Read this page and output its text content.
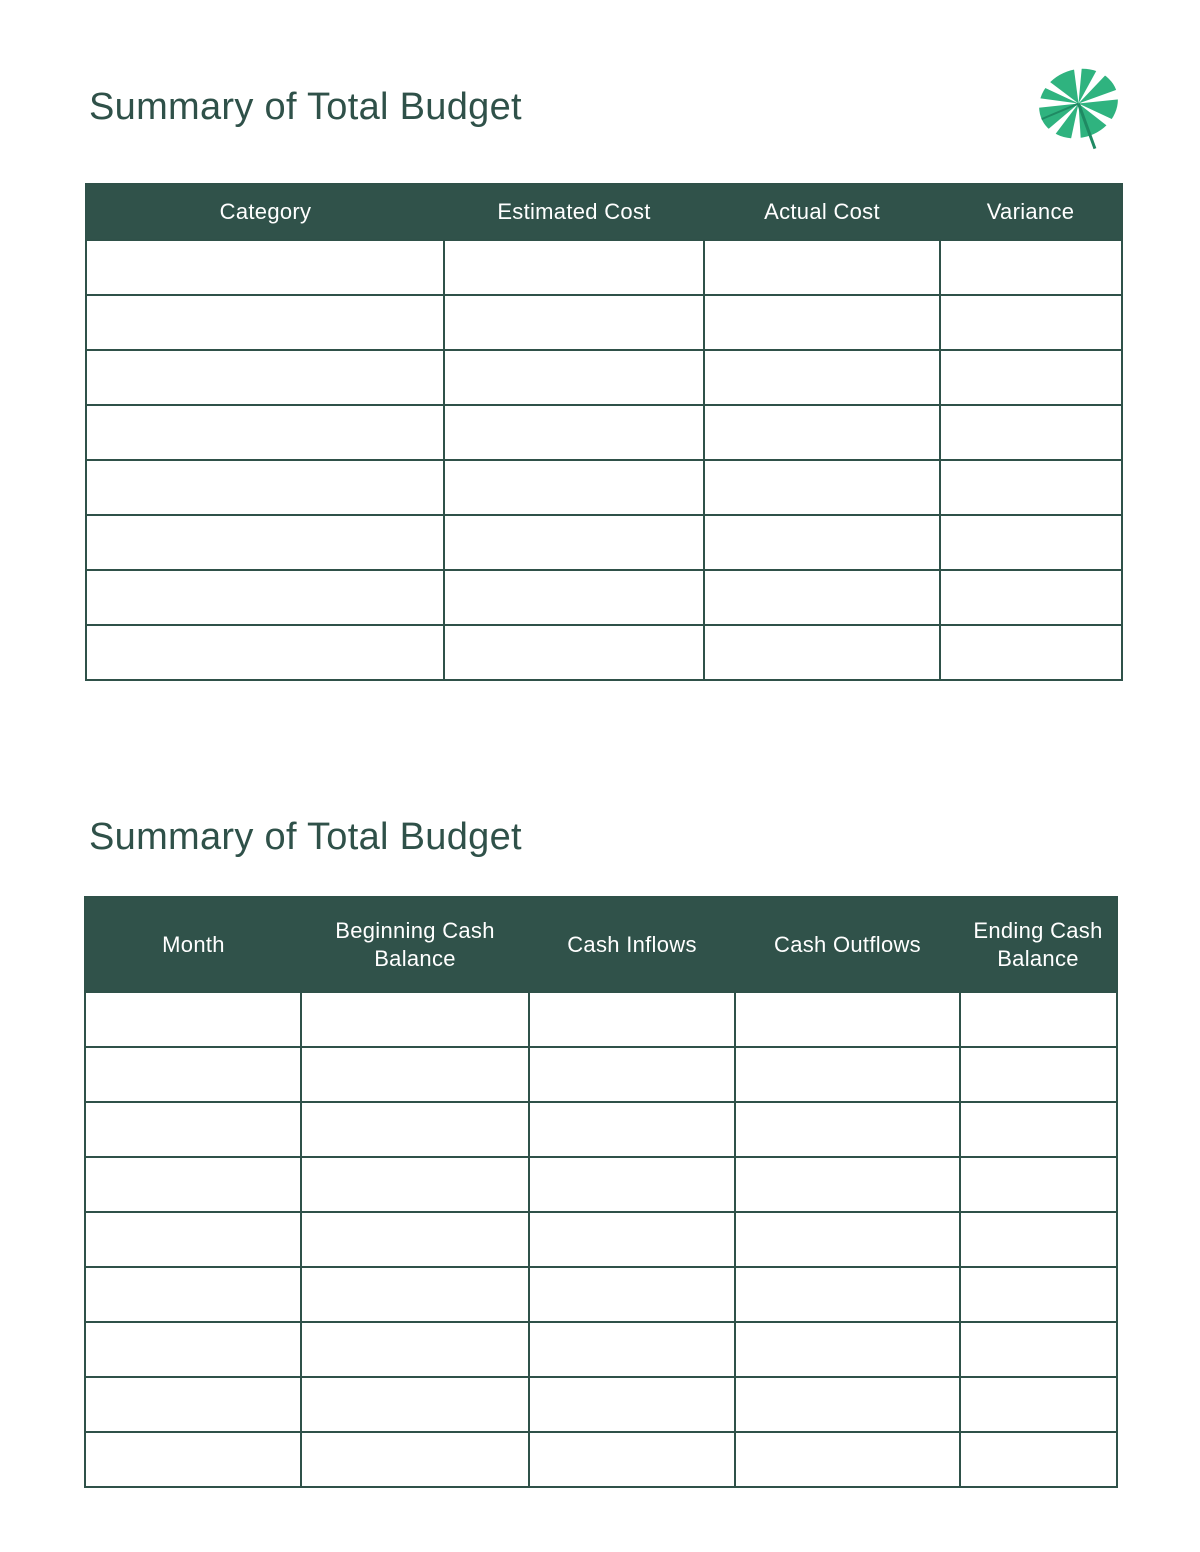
Summary of Total Budget
Category	Estimated Cost	Actual Cost	Variance

Summary of Total Budget
Month	Beginning Cash Balance	Cash Inflows	Cash Outflows	Ending Cash Balance
